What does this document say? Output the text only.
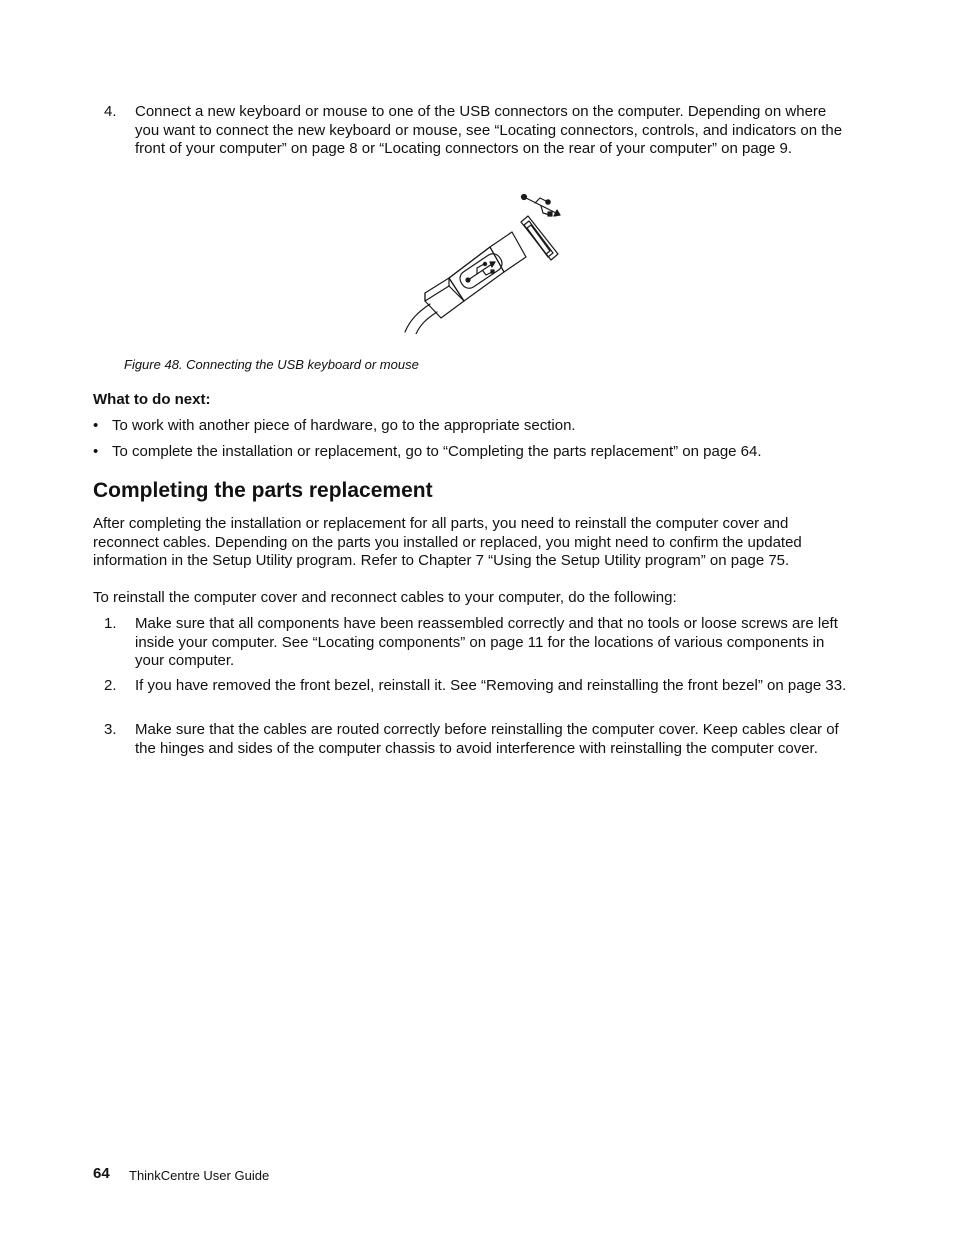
4.	Connect a new keyboard or mouse to one of the USB connectors on the computer. Depending on where you want to connect the new keyboard or mouse, see “Locating connectors, controls, and indicators on the front of your computer” on page 8 or “Locating connectors on the rear of your computer” on page 9.
Figure 48. Connecting the USB keyboard or mouse
What to do next:
• To work with another piece of hardware, go to the appropriate section.
• To complete the installation or replacement, go to “Completing the parts replacement” on page 64.
Completing the parts replacement
After completing the installation or replacement for all parts, you need to reinstall the computer cover and reconnect cables. Depending on the parts you installed or replaced, you might need to confirm the updated information in the Setup Utility program. Refer to Chapter 7 “Using the Setup Utility program” on page 75.
To reinstall the computer cover and reconnect cables to your computer, do the following:
1.	Make sure that all components have been reassembled correctly and that no tools or loose screws are left inside your computer. See “Locating components” on page 11 for the locations of various components in your computer.
2.	If you have removed the front bezel, reinstall it. See “Removing and reinstalling the front bezel” on page 33.
3.	Make sure that the cables are routed correctly before reinstalling the computer cover. Keep cables clear of the hinges and sides of the computer chassis to avoid interference with reinstalling the computer cover.
64 ThinkCentre User Guide
